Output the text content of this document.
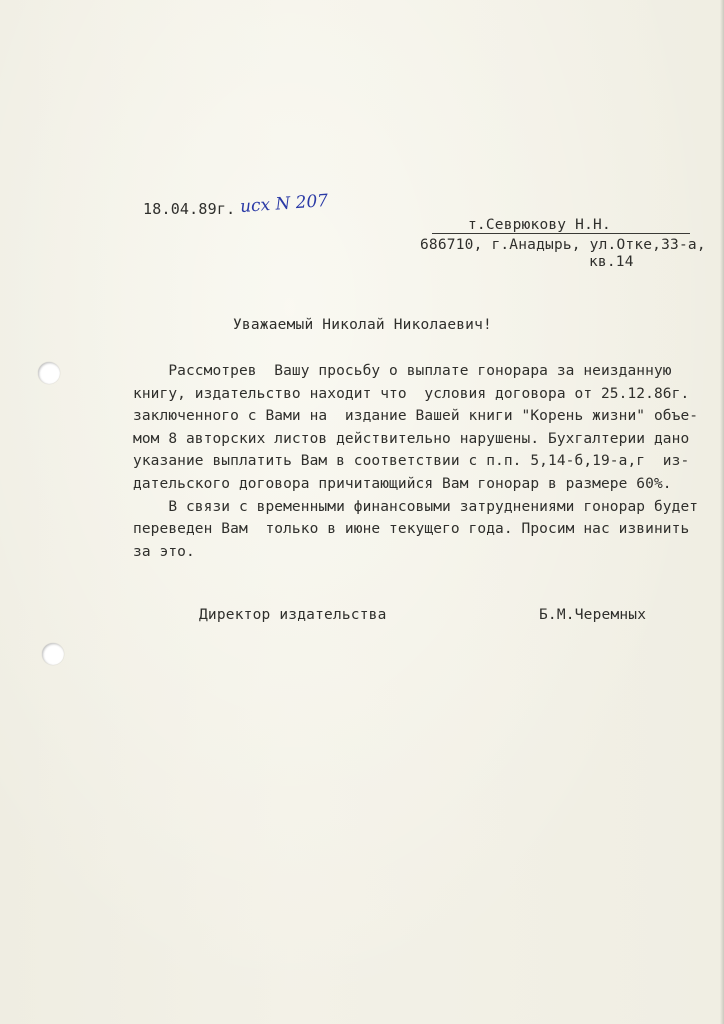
18.04.89г. исх N 207
т.Севрюкову Н.Н.
686710, г.Анадырь, ул.Отке,33-а,
кв.14
Уважаемый Николай Николаевич!
Рассмотрев  Вашу просьбу о выплате гонорара за неизданную
книгу, издательство находит что  условия договора от 25.12.86г.
заключенного с Вами на  издание Вашей книги "Корень жизни" объе-
мом 8 авторских листов действительно нарушены. Бухгалтерии дано
указание выплатить Вам в соответствии с п.п. 5,14-б,19-а,г  из-
дательского договора причитающийся Вам гонорар в размере 60%.
В связи с временными финансовыми затруднениями гонорар будет
переведен Вам  только в июне текущего года. Просим нас извинить
за это.
Директор издательства	Б.М.Черемных
